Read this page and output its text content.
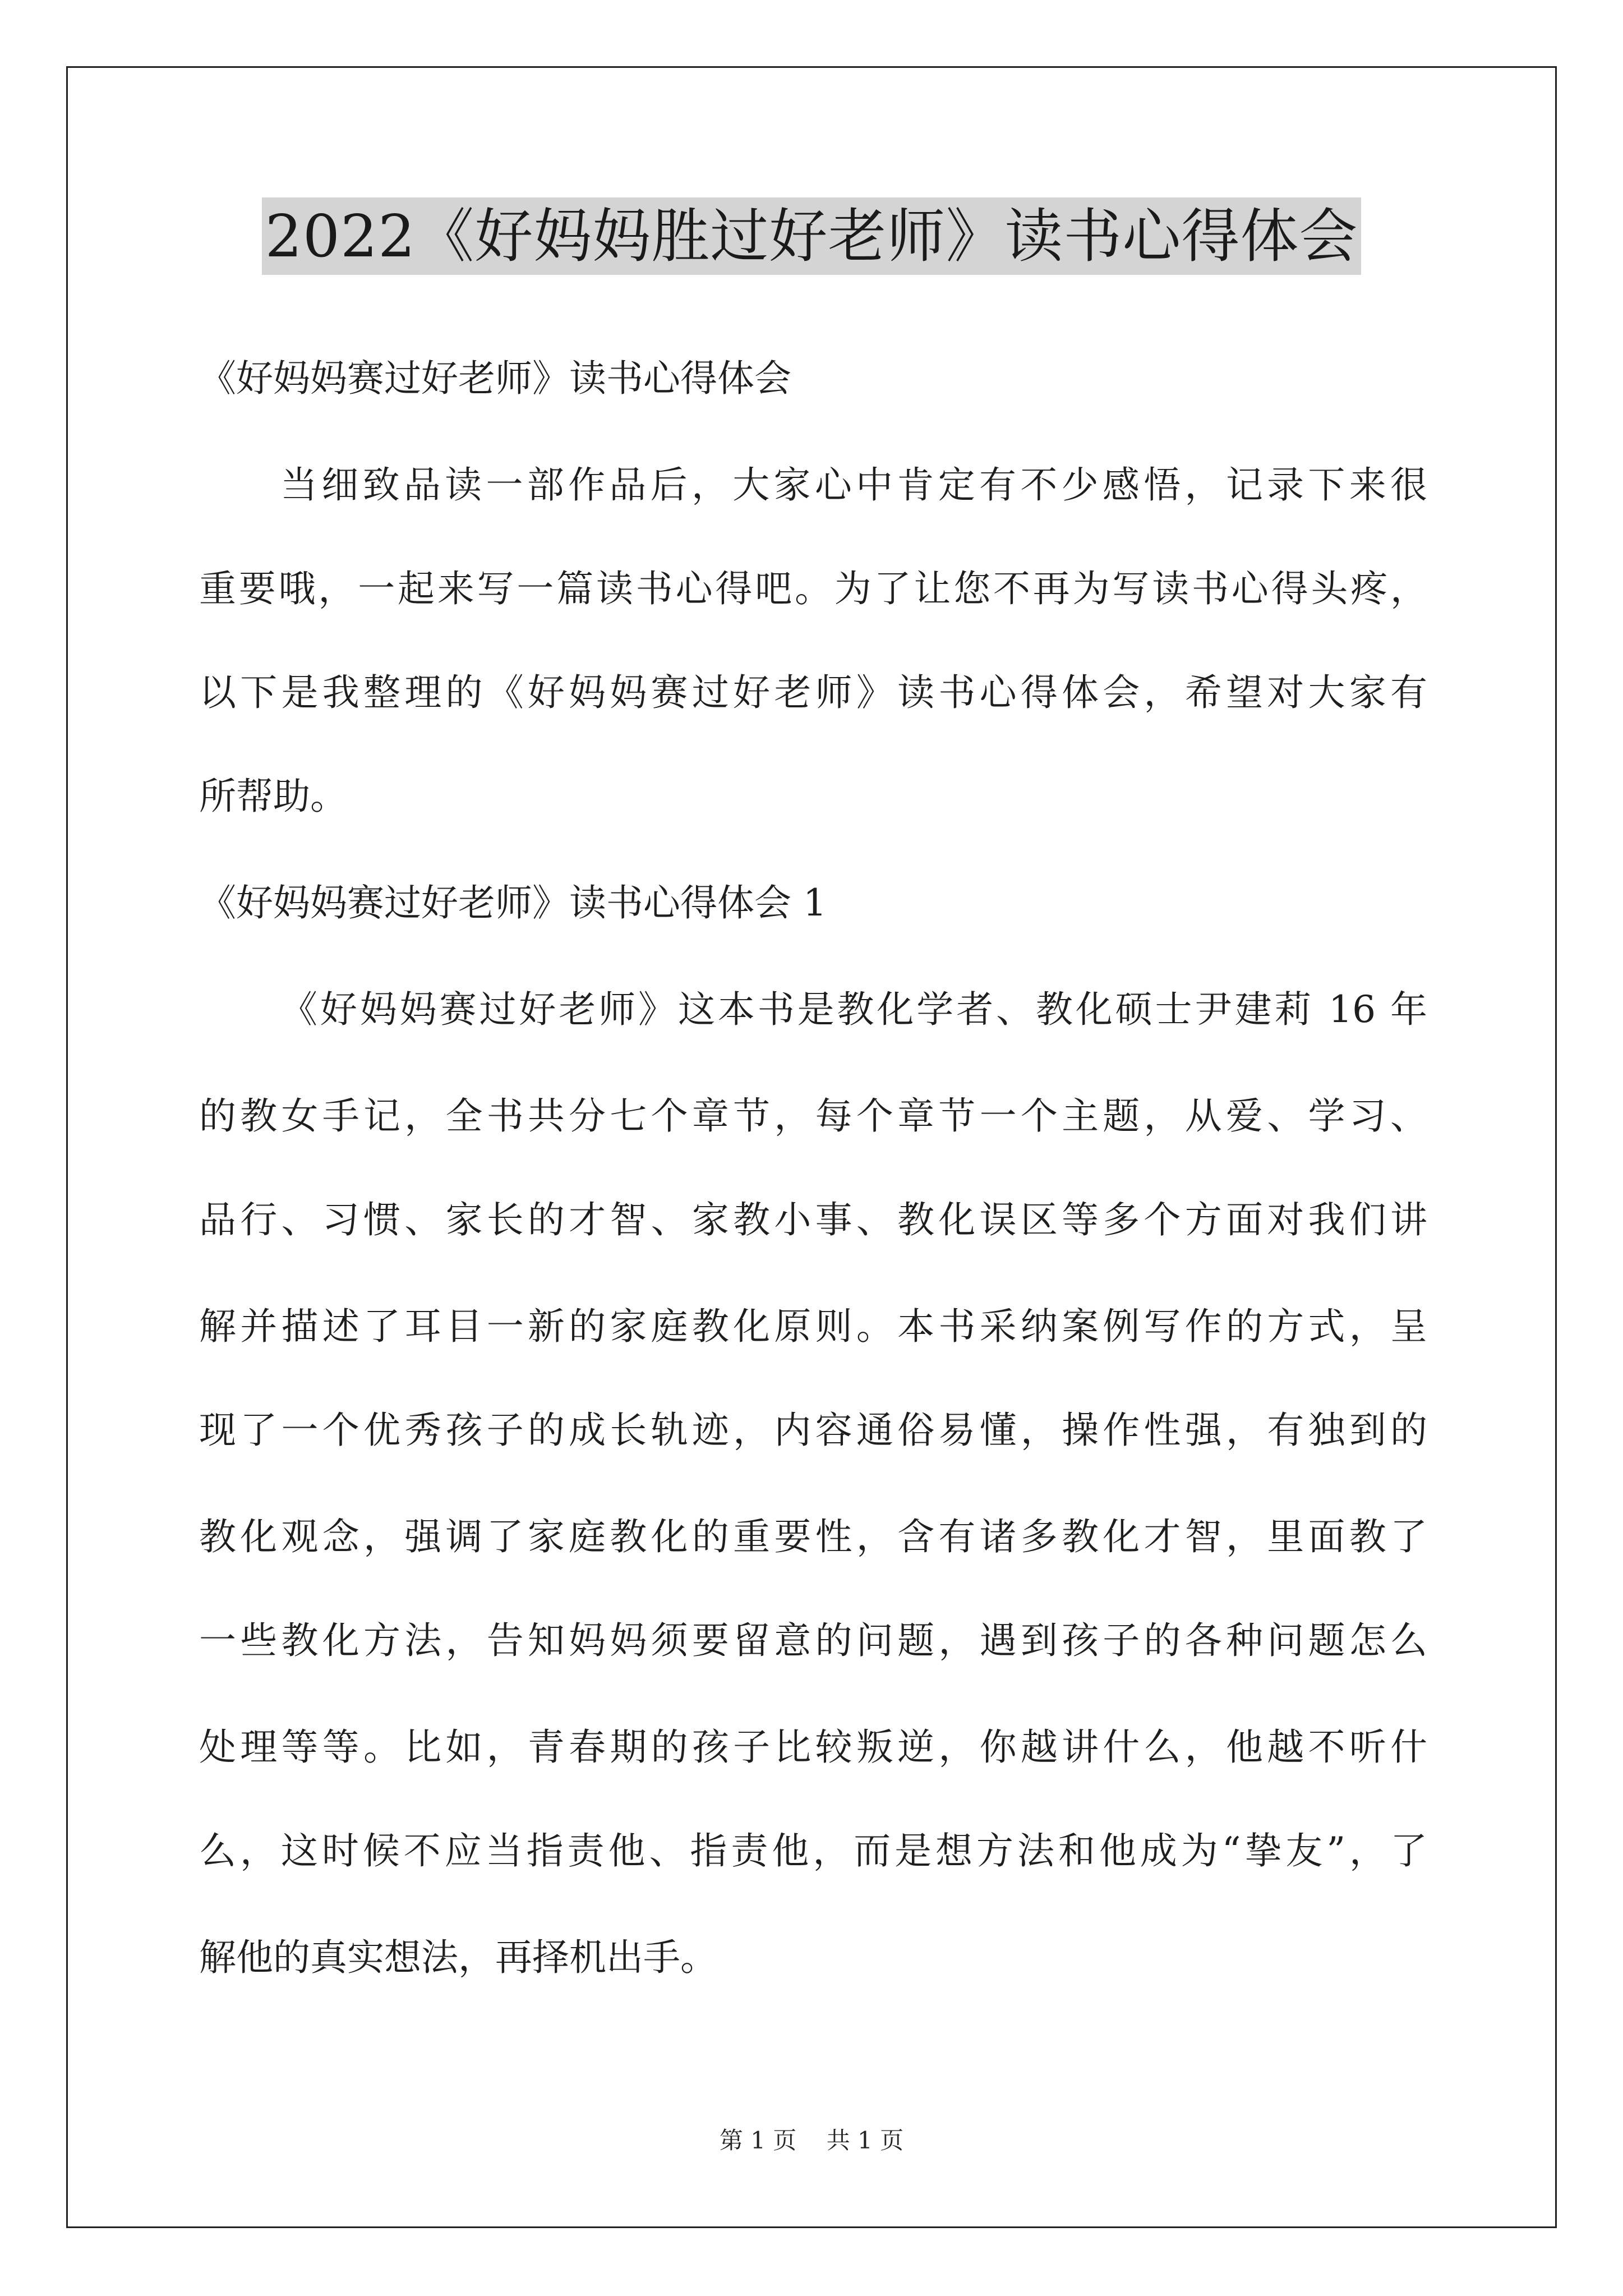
2022《好妈妈胜过好老师》读书心得体会
《好妈妈赛过好老师》读书心得体会
当细致品读一部作品后，大家心中肯定有不少感悟，记录下来很
重要哦，一起来写一篇读书心得吧。为了让您不再为写读书心得头疼，
以下是我整理的《好妈妈赛过好老师》读书心得体会，希望对大家有
所帮助。
《好妈妈赛过好老师》读书心得体会 1
《好妈妈赛过好老师》这本书是教化学者、教化硕士尹建莉 16 年
的教女手记，全书共分七个章节，每个章节一个主题，从爱、学习、
品行、习惯、家长的才智、家教小事、教化误区等多个方面对我们讲
解并描述了耳目一新的家庭教化原则。本书采纳案例写作的方式，呈
现了一个优秀孩子的成长轨迹，内容通俗易懂，操作性强，有独到的
教化观念，强调了家庭教化的重要性，含有诸多教化才智，里面教了
一些教化方法，告知妈妈须要留意的问题，遇到孩子的各种问题怎么
处理等等。比如，青春期的孩子比较叛逆，你越讲什么，他越不听什
么，这时候不应当指责他、指责他，而是想方法和他成为“挚友”，了
解他的真实想法，再择机出手。
第 1 页    共 1 页
